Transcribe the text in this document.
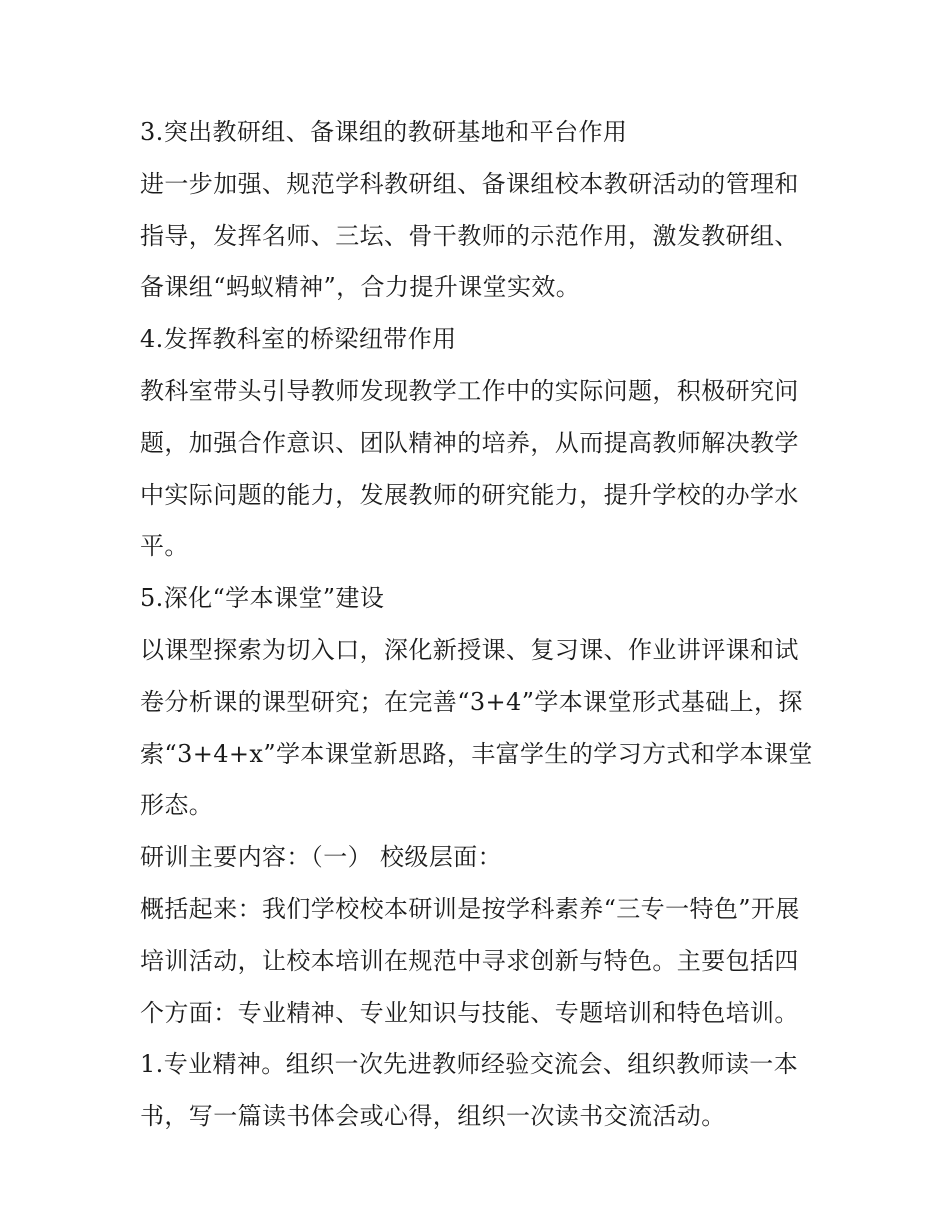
3.突出教研组、备课组的教研基地和平台作用
进一步加强、规范学科教研组、备课组校本教研活动的管理和
指导，发挥名师、三坛、骨干教师的示范作用，激发教研组、
备课组“蚂蚁精神”，合力提升课堂实效。
4.发挥教科室的桥梁纽带作用
教科室带头引导教师发现教学工作中的实际问题，积极研究问
题，加强合作意识、团队精神的培养，从而提高教师解决教学
中实际问题的能力，发展教师的研究能力，提升学校的办学水
平。
5.深化“学本课堂”建设
以课型探索为切入口，深化新授课、复习课、作业讲评课和试
卷分析课的课型研究；在完善“3+4”学本课堂形式基础上，探
索“3+4+x”学本课堂新思路，丰富学生的学习方式和学本课堂
形态。
研训主要内容：（一） 校级层面：
概括起来：我们学校校本研训是按学科素养“三专一特色”开展
培训活动，让校本培训在规范中寻求创新与特色。主要包括四
个方面：专业精神、专业知识与技能、专题培训和特色培训。
1.专业精神。组织一次先进教师经验交流会、组织教师读一本
书，写一篇读书体会或心得，组织一次读书交流活动。
